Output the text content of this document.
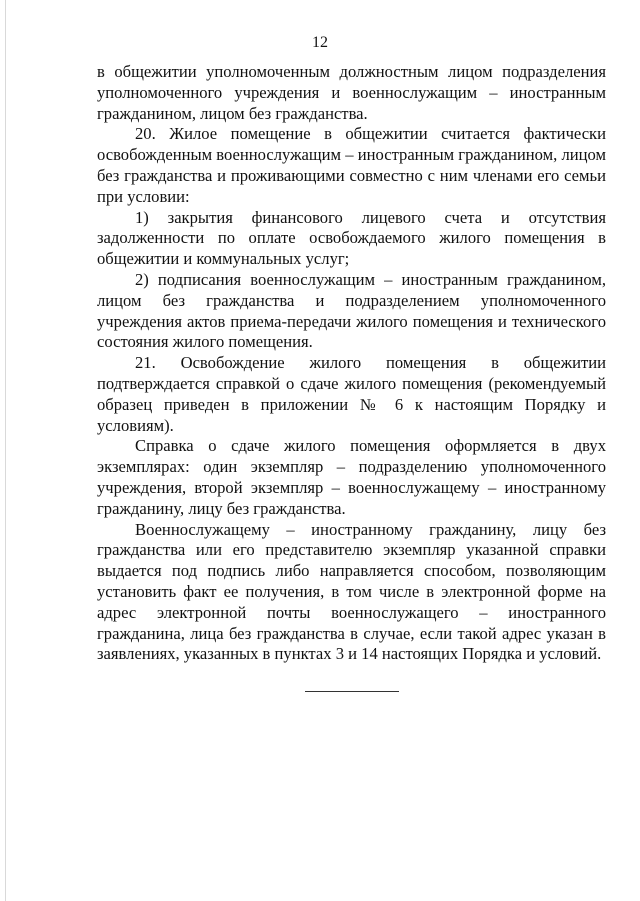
12

в общежитии уполномоченным должностным лицом подразделения уполномоченного учреждения и военнослужащим – иностранным гражданином, лицом без гражданства.

20. Жилое помещение в общежитии считается фактически освобожденным военнослужащим – иностранным гражданином, лицом без гражданства и проживающими совместно с ним членами его семьи при условии:

1) закрытия финансового лицевого счета и отсутствия задолженности по оплате освобождаемого жилого помещения в общежитии и коммунальных услуг;

2) подписания военнослужащим – иностранным гражданином, лицом без гражданства и подразделением уполномоченного учреждения актов приема-передачи жилого помещения и технического состояния жилого помещения.

21. Освобождение жилого помещения в общежитии подтверждается справкой о сдаче жилого помещения (рекомендуемый образец приведен в приложении № 6 к настоящим Порядку и условиям).

Справка о сдаче жилого помещения оформляется в двух экземплярах: один экземпляр – подразделению уполномоченного учреждения, второй экземпляр – военнослужащему – иностранному гражданину, лицу без гражданства.

Военнослужащему – иностранному гражданину, лицу без гражданства или его представителю экземпляр указанной справки выдается под подпись либо направляется способом, позволяющим установить факт ее получения, в том числе в электронной форме на адрес электронной почты военнослужащего – иностранного гражданина, лица без гражданства в случае, если такой адрес указан в заявлениях, указанных в пунктах 3 и 14 настоящих Порядка и условий.
